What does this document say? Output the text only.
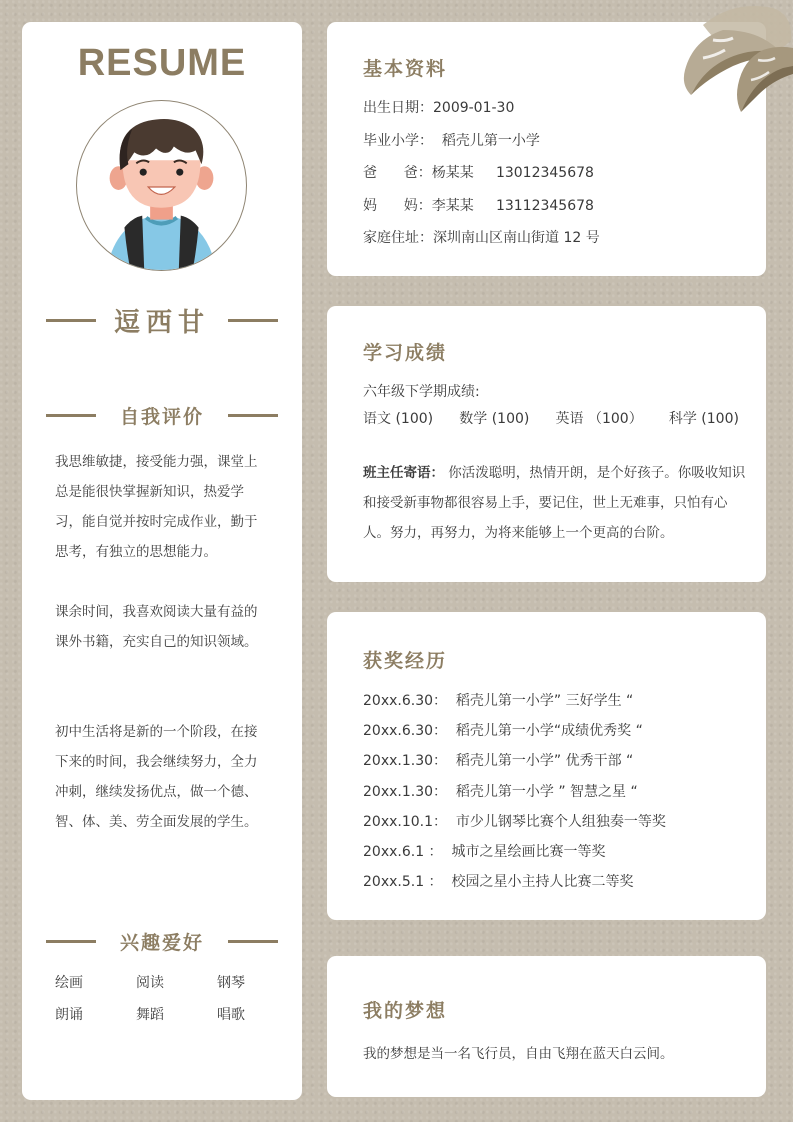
RESUME
逗西甘
自我评价

我思维敏捷，接受能力强，课堂上总是能很快掌握新知识，热爱学习，能自觉并按时完成作业，勤于思考，有独立的思想能力。

课余时间，我喜欢阅读大量有益的课外书籍，充实自己的知识领域。

初中生活将是新的一个阶段，在接下来的时间，我会继续努力，全力冲刺，继续发扬优点，做一个德、智、体、美、劳全面发展的学生。

兴趣爱好
绘画	阅读	钢琴
朗诵	舞蹈	唱歌
基本资料
出生日期：2009-01-30
毕业小学：  稻壳儿第一小学
爸      爸：杨某某     13012345678
妈      妈：李某某     13112345678
家庭住址：深圳南山区南山街道 12 号
学习成绩
六年级下学期成绩:
语文 (100) 数学 (100) 英语 （100） 科学 (100)

班主任寄语： 你活泼聪明，热情开朗，是个好孩子。你吸收知识和接受新事物都很容易上手，要记住，世上无难事，只怕有心人。努力，再努力，为将来能够上一个更高的台阶。

获奖经历
20xx.6.30：  稻壳儿第一小学” 三好学生 “
20xx.6.30：  稻壳儿第一小学“成绩优秀奖 “
20xx.1.30：  稻壳儿第一小学” 优秀干部 “
20xx.1.30：  稻壳儿第一小学 ” 智慧之星 “
20xx.10.1：  市少儿钢琴比赛个人组独奏一等奖
20xx.6.1 ：  城市之星绘画比赛一等奖
20xx.5.1 ：  校园之星小主持人比赛二等奖
我的梦想
我的梦想是当一名飞行员，自由飞翔在蓝天白云间。
